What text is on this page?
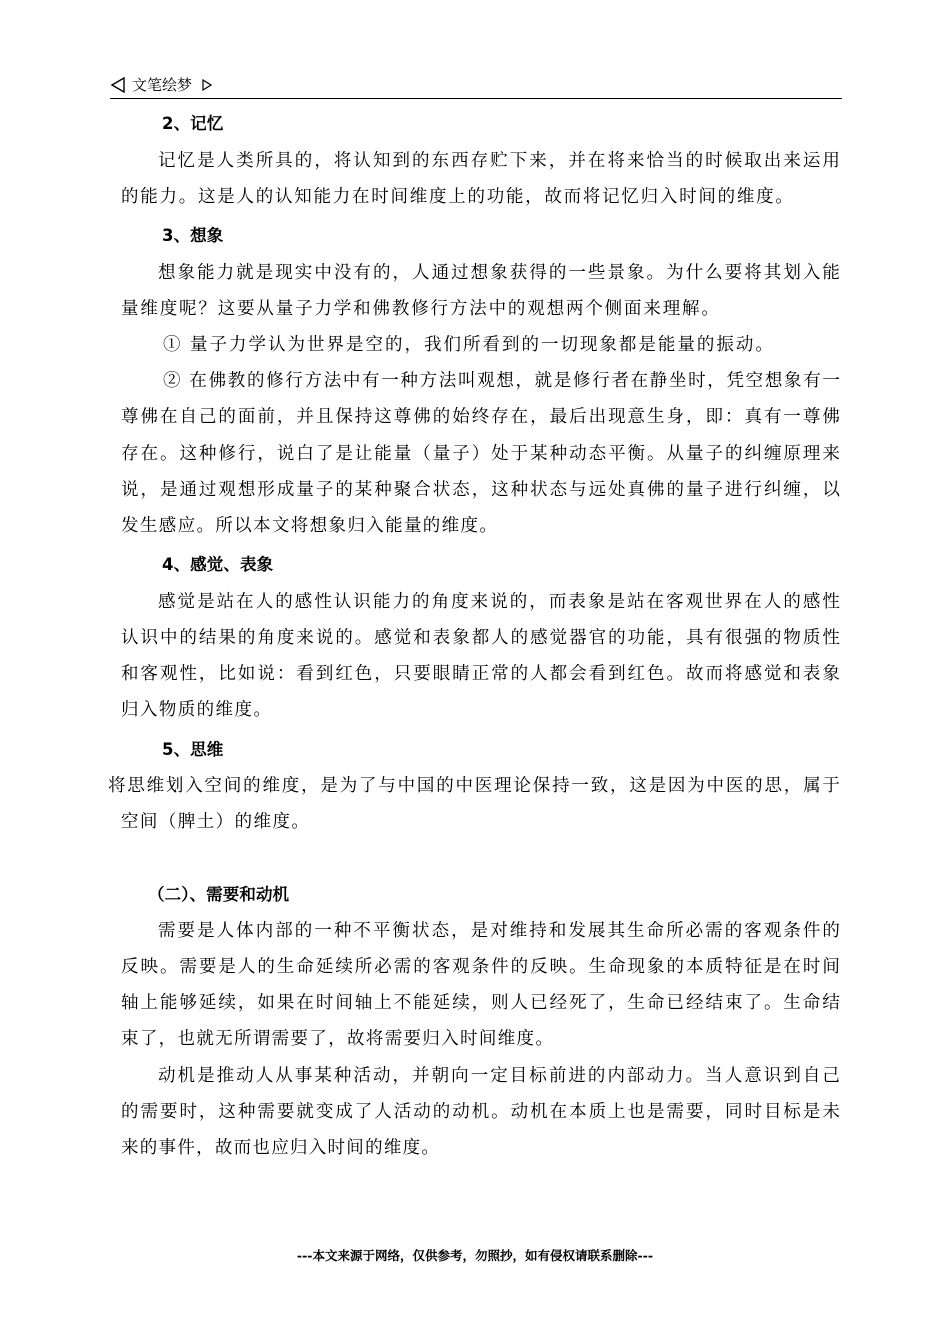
文笔绘梦
2、记忆
记忆是人类所具的，将认知到的东西存贮下来，并在将来恰当的时候取出来运用
的能力。这是人的认知能力在时间维度上的功能，故而将记忆归入时间的维度。
3、想象
想象能力就是现实中没有的，人通过想象获得的一些景象。为什么要将其划入能
量维度呢？这要从量子力学和佛教修行方法中的观想两个侧面来理解。
① 量子力学认为世界是空的，我们所看到的一切现象都是能量的振动。
② 在佛教的修行方法中有一种方法叫观想，就是修行者在静坐时，凭空想象有一
尊佛在自己的面前，并且保持这尊佛的始终存在，最后出现意生身，即：真有一尊佛
存在。这种修行，说白了是让能量（量子）处于某种动态平衡。从量子的纠缠原理来
说，是通过观想形成量子的某种聚合状态，这种状态与远处真佛的量子进行纠缠，以
发生感应。所以本文将想象归入能量的维度。
4、感觉、表象
感觉是站在人的感性认识能力的角度来说的，而表象是站在客观世界在人的感性
认识中的结果的角度来说的。感觉和表象都人的感觉器官的功能，具有很强的物质性
和客观性，比如说：看到红色，只要眼睛正常的人都会看到红色。故而将感觉和表象
归入物质的维度。
5、思维
将思维划入空间的维度，是为了与中国的中医理论保持一致，这是因为中医的思，属于
空间（脾土）的维度。
（二）、需要和动机
需要是人体内部的一种不平衡状态，是对维持和发展其生命所必需的客观条件的
反映。需要是人的生命延续所必需的客观条件的反映。生命现象的本质特征是在时间
轴上能够延续，如果在时间轴上不能延续，则人已经死了，生命已经结束了。生命结
束了，也就无所谓需要了，故将需要归入时间维度。
动机是推动人从事某种活动，并朝向一定目标前进的内部动力。当人意识到自己
的需要时，这种需要就变成了人活动的动机。动机在本质上也是需要，同时目标是未
来的事件，故而也应归入时间的维度。
---本文来源于网络，仅供参考，勿照抄，如有侵权请联系删除---
